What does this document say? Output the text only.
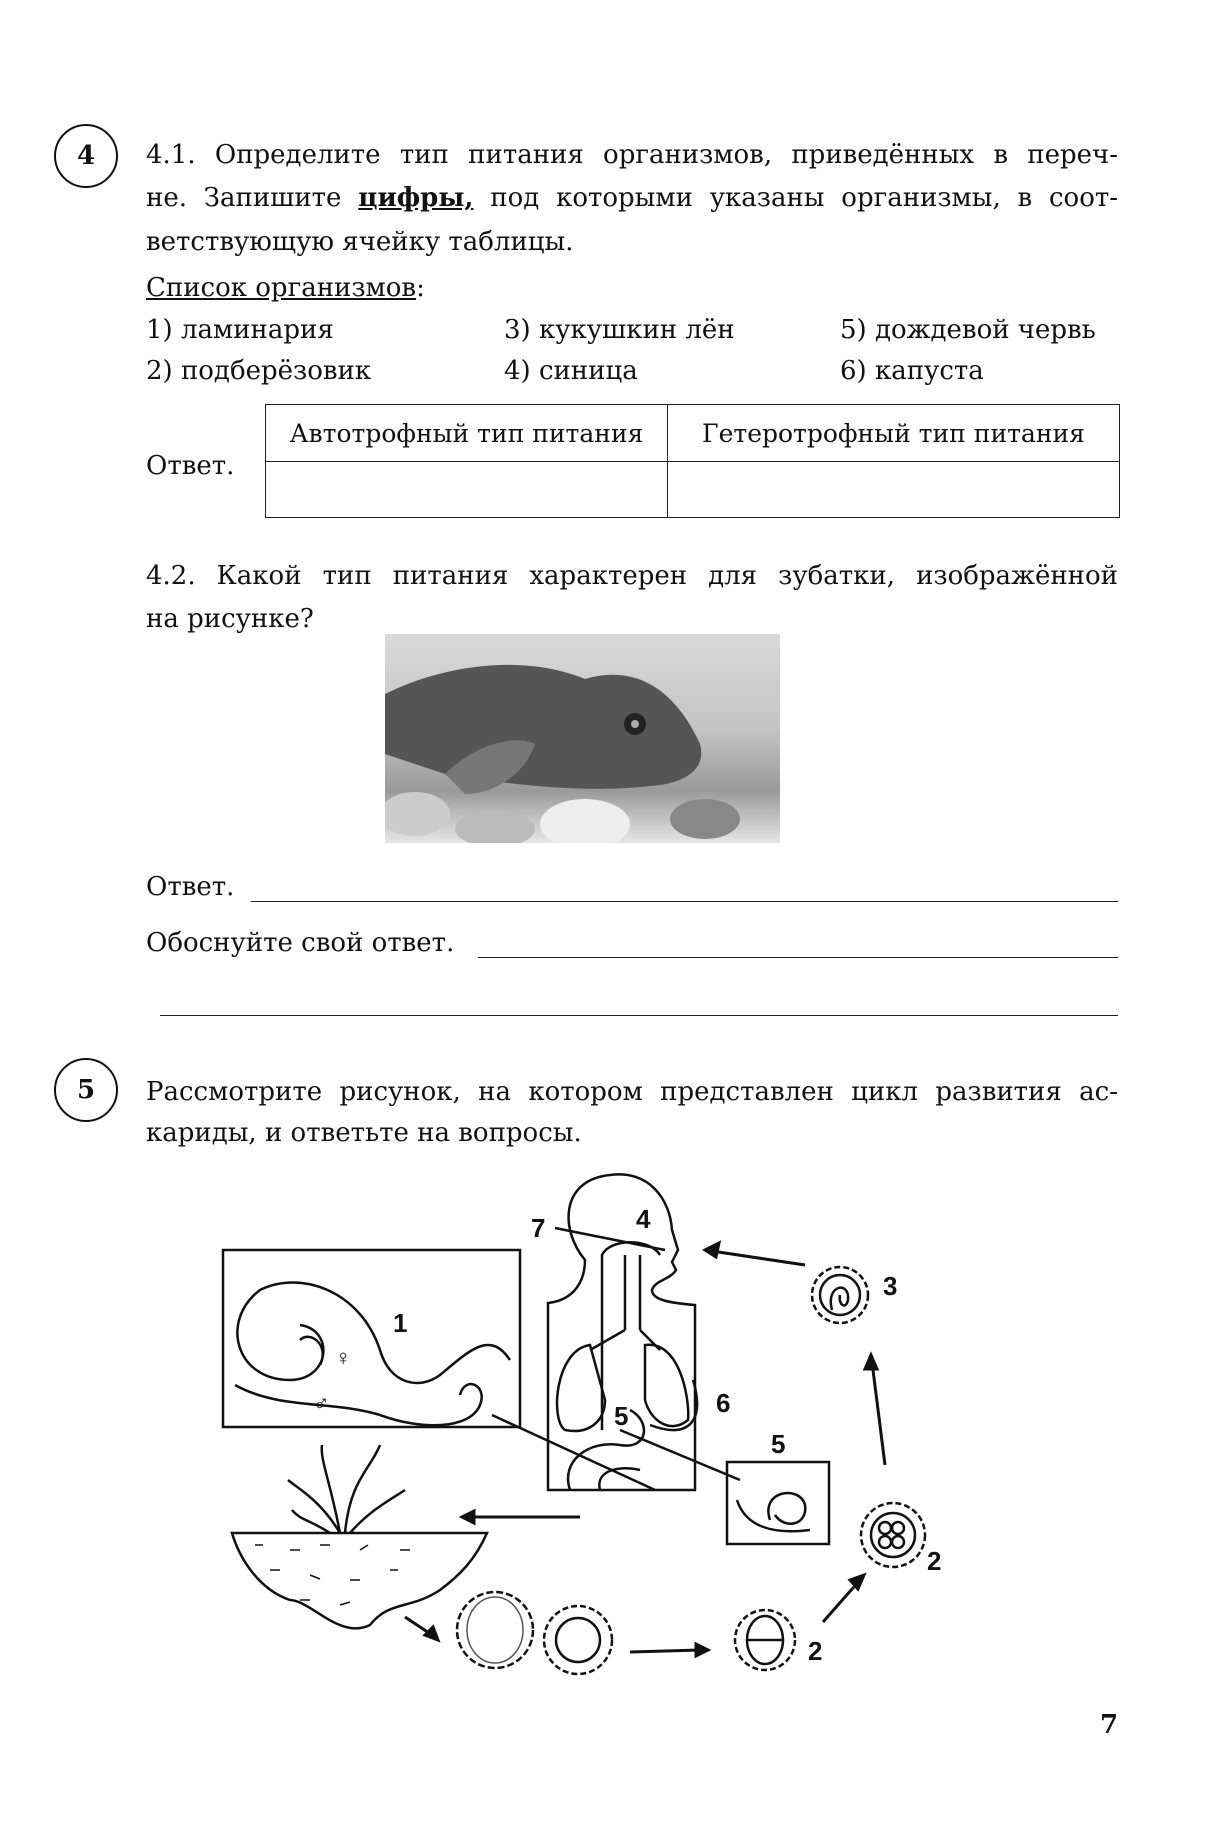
4	4.1. Определите тип питания организмов, приведённых в переч-
не. Запишите цифры, под которыми указаны организмы, в соот-
ветствующую ячейку таблицы.
Список организмов:
1) ламинария
2) подберёзовик
3) кукушкин лён
4) синица
5) дождевой червь
6) капуста
Ответ.
Автотрофный тип питания	Гетеротрофный тип питания

4.2. Какой тип питания характерен для зубатки, изображённой
на рисунке?
Ответ.
Обоснуйте свой ответ.
5	Рассмотрите рисунок, на котором представлен цикл развития ас-
кариды, и ответьте на вопросы.
♀
♂
1
2
2
3
4
5
5
6
7
7
